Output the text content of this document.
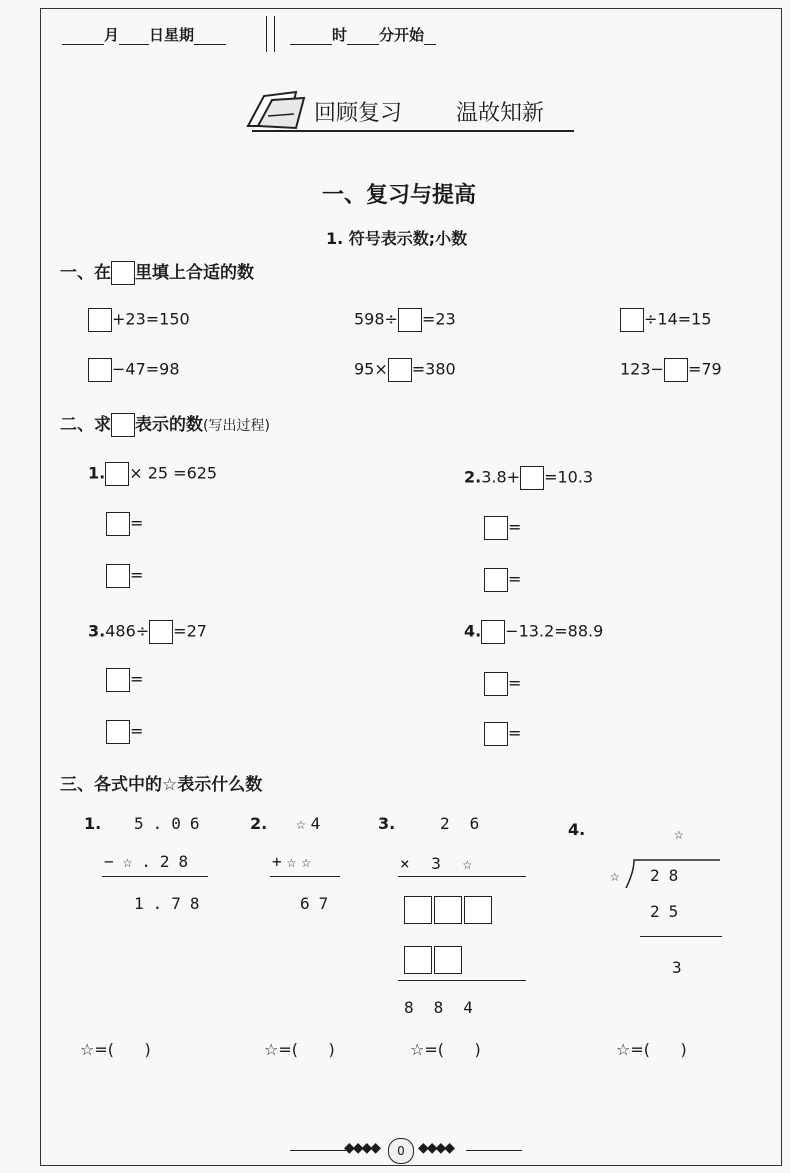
月 日星期	时 分开始
回顾复习 温故知新
一、复习与提高
1. 符号表示数;小数
一、在 里填上合适的数
+23=150	598÷ =23	÷14=15
−47=98	95× =380	123− =79
二、求 表示的数(写出过程)
1. × 25 =625
=
=
2.3.8+ =10.3
=
=
3.486÷ =27
=
=
4. −13.2=88.9
=
=
三、各式中的☆表示什么数
1. 5.06
−☆.28
1.78
2. ☆4
+☆☆
67
3.	26
× 3 ☆
884
4.	☆
☆ 28
25
3
☆=(      )	☆=(      )	☆=(      )	☆=(      )
◆◆◆◆	0 ◆◆◆◆
